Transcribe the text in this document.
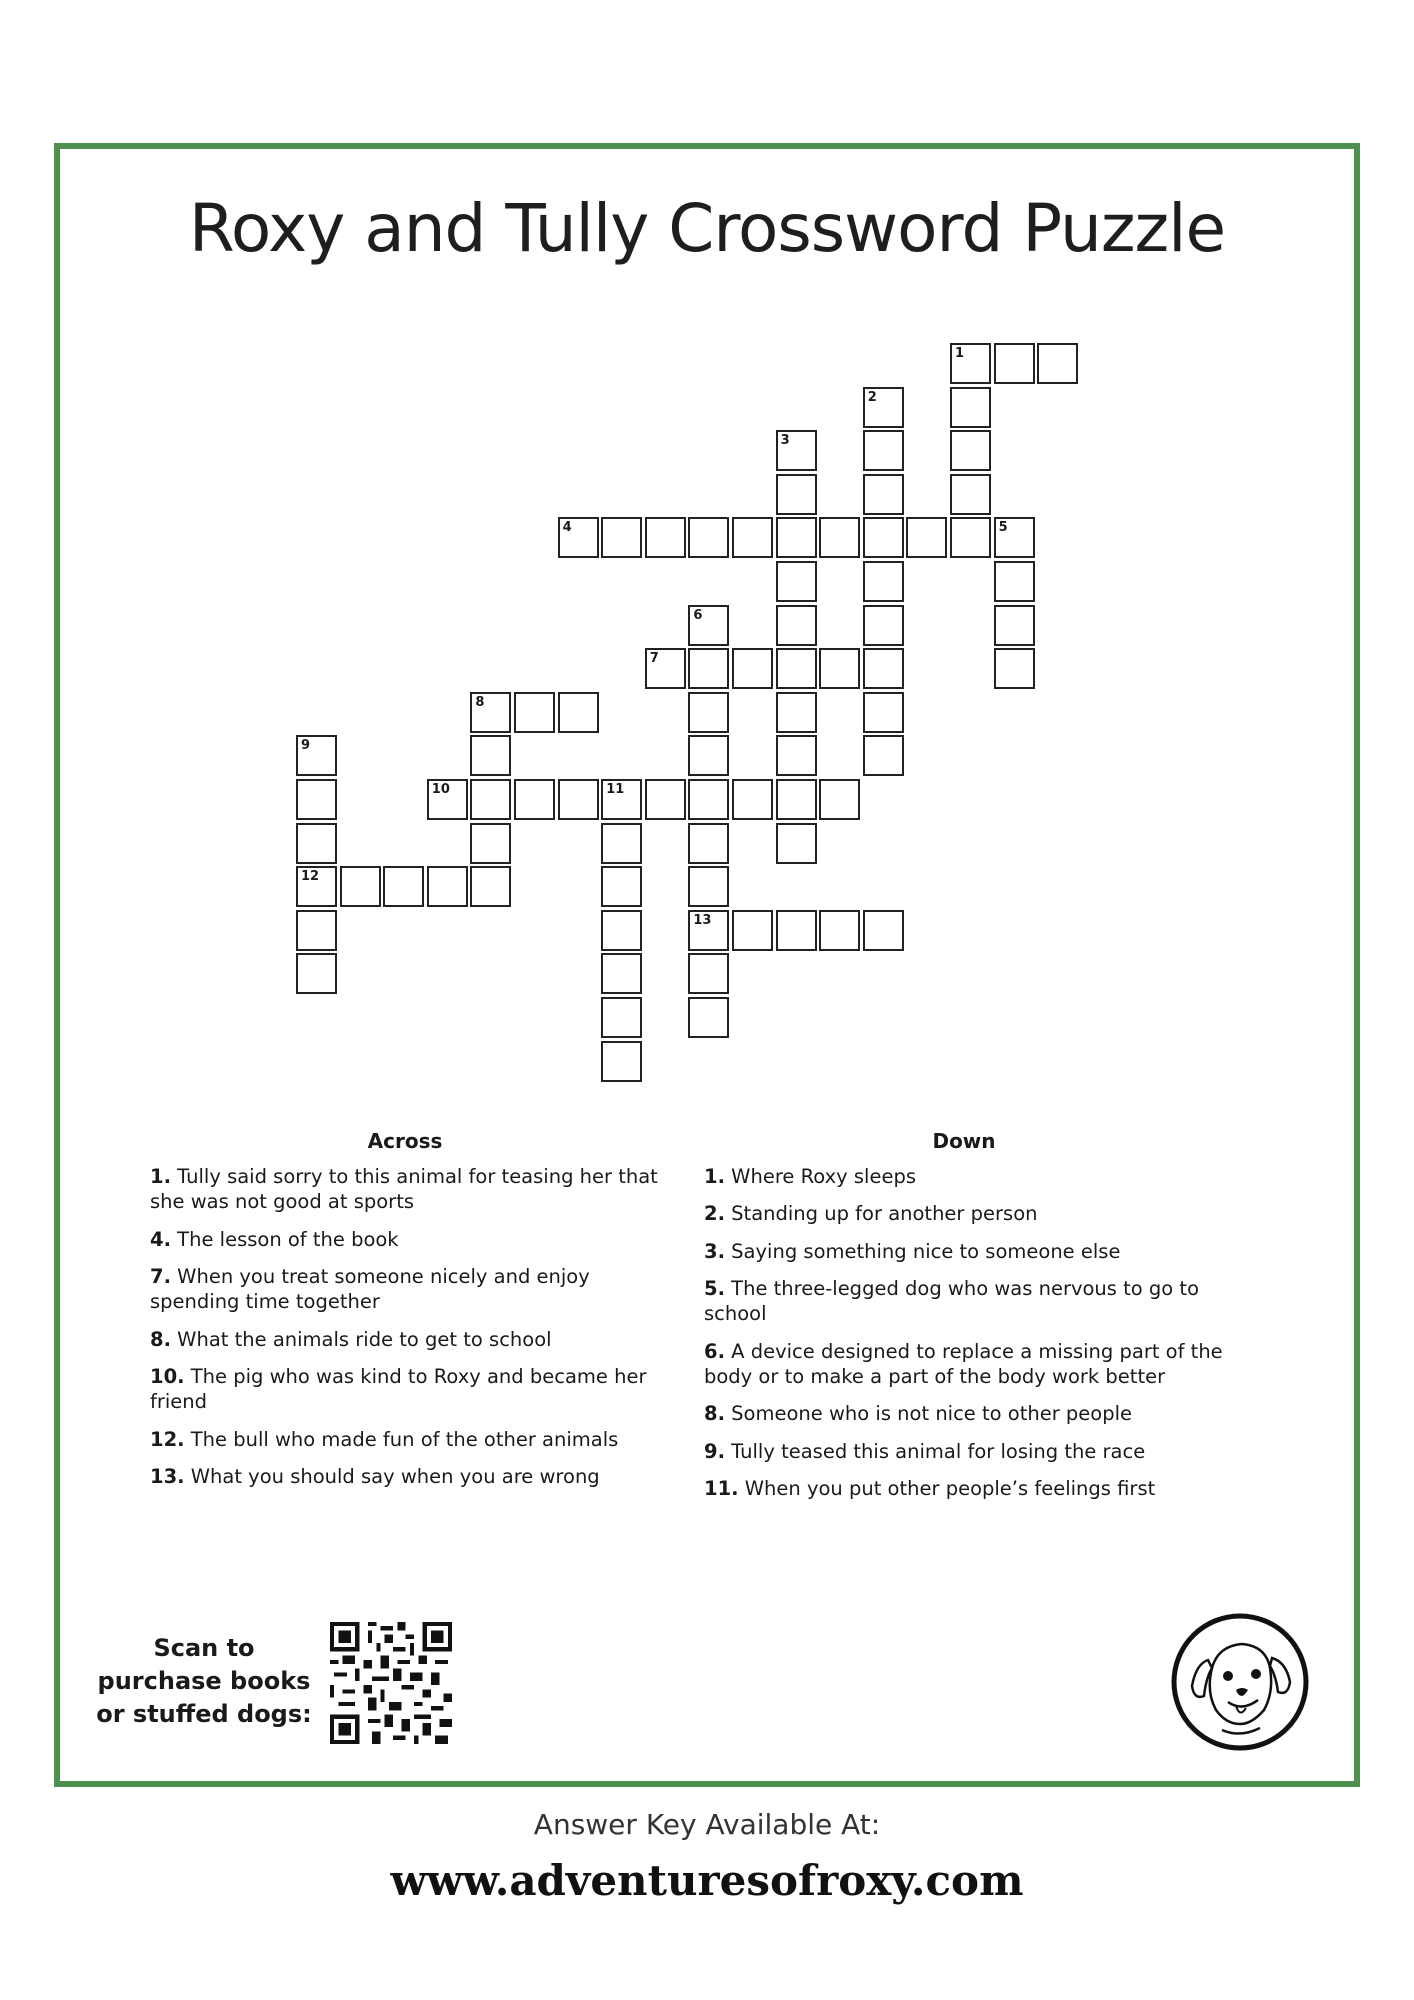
Roxy and Tully Crossword Puzzle
1
2
3
4	5
6
13
7
8
9
12
10	11
Across
1. Tully said sorry to this animal for teasing her that she was not good at sports
4. The lesson of the book
7. When you treat someone nicely and enjoy spending time together
8. What the animals ride to get to school
10. The pig who was kind to Roxy and became her friend
12. The bull who made fun of the other animals
13. What you should say when you are wrong
Down
1. Where Roxy sleeps
2. Standing up for another person
3. Saying something nice to someone else
5. The three-legged dog who was nervous to go to school
6. A device designed to replace a missing part of the body or to make a part of the body work better
8. Someone who is not nice to other people
9. Tully teased this animal for losing the race
11. When you put other people’s feelings first
Scan to purchase books or stuffed dogs:
Answer Key Available At:
www.adventuresofroxy.com
